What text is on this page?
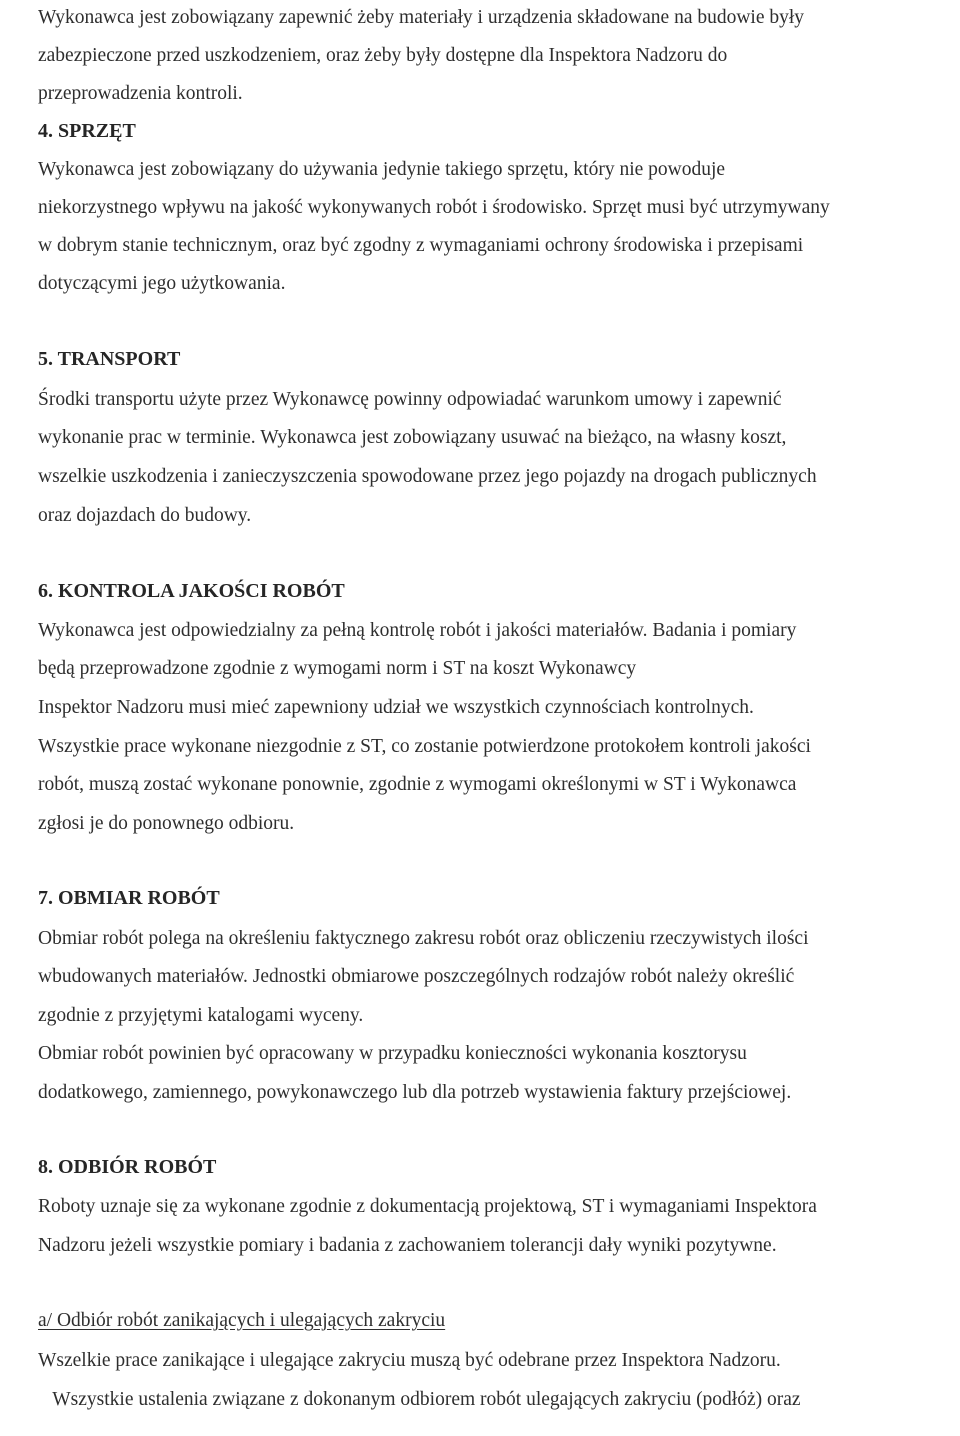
Wykonawca jest zobowiązany zapewnić żeby materiały i urządzenia składowane na budowie były

zabezpieczone przed uszkodzeniem, oraz żeby były dostępne dla Inspektora Nadzoru do

przeprowadzenia kontroli.

4. SPRZĘT

Wykonawca jest zobowiązany do używania jedynie takiego sprzętu, który nie powoduje

niekorzystnego wpływu na jakość wykonywanych robót i środowisko. Sprzęt musi być utrzymywany

w dobrym stanie technicznym, oraz być zgodny z wymaganiami ochrony środowiska i przepisami

dotyczącymi jego użytkowania.

5. TRANSPORT

Środki transportu użyte przez Wykonawcę powinny odpowiadać warunkom umowy i zapewnić

wykonanie prac w terminie. Wykonawca jest zobowiązany usuwać na bieżąco, na własny koszt,

wszelkie uszkodzenia i zanieczyszczenia spowodowane przez jego pojazdy na drogach publicznych

oraz dojazdach do budowy.

6. KONTROLA JAKOŚCI ROBÓT

Wykonawca jest odpowiedzialny za pełną kontrolę robót i jakości materiałów. Badania i pomiary

będą przeprowadzone zgodnie z wymogami norm i ST na koszt Wykonawcy

Inspektor Nadzoru musi mieć zapewniony udział we wszystkich czynnościach kontrolnych.

Wszystkie prace wykonane niezgodnie z ST, co zostanie potwierdzone protokołem kontroli jakości

robót, muszą zostać wykonane ponownie, zgodnie z wymogami określonymi w ST i Wykonawca

zgłosi je do ponownego odbioru.

7. OBMIAR ROBÓT

Obmiar robót polega na określeniu faktycznego zakresu robót oraz obliczeniu rzeczywistych ilości

wbudowanych materiałów. Jednostki obmiarowe poszczególnych rodzajów robót należy określić

zgodnie z przyjętymi katalogami wyceny.

Obmiar robót powinien być opracowany w przypadku konieczności wykonania kosztorysu

dodatkowego, zamiennego, powykonawczego lub dla potrzeb wystawienia faktury przejściowej.

8. ODBIÓR ROBÓT

Roboty uznaje się za wykonane zgodnie z dokumentacją projektową, ST i wymaganiami Inspektora

Nadzoru jeżeli wszystkie pomiary i badania z zachowaniem tolerancji dały wyniki pozytywne.

a/ Odbiór robót zanikających i ulegających zakryciu

Wszelkie prace zanikające i ulegające zakryciu muszą być odebrane przez Inspektora Nadzoru.

Wszystkie ustalenia związane z dokonanym odbiorem robót ulegających zakryciu (podłóż) oraz
